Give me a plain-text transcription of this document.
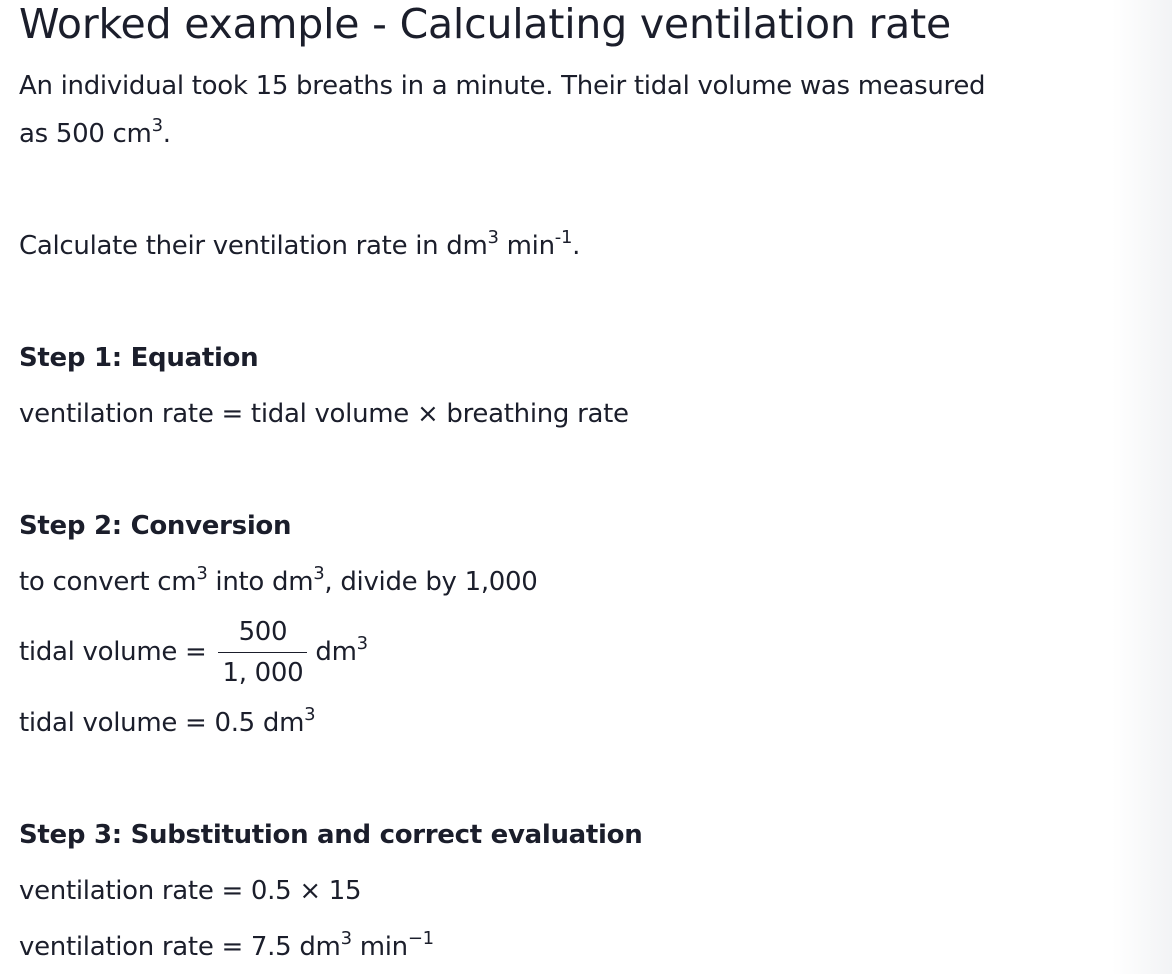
Worked example - Calculating ventilation rate
An individual took 15 breaths in a minute. Their tidal volume was measured
as 500 $cm^3$.
Calculate their ventilation rate in $dm^3$ $\min^{-1}$.
Step 1: Equation
ventilation rate = tidal volume × breathing rate
Step 2: Conversion
to convert $cm^3$ into $dm^3$, divide by 1,000
tidal volume = $\frac{500}{1, 000} dm^3$
tidal volume = 0.5 $dm^3$
Step 3: Substitution and correct evaluation
ventilation rate = 0.5 × 15
ventilation rate = 7.5 $dm^3$ $\min^{-1}$
